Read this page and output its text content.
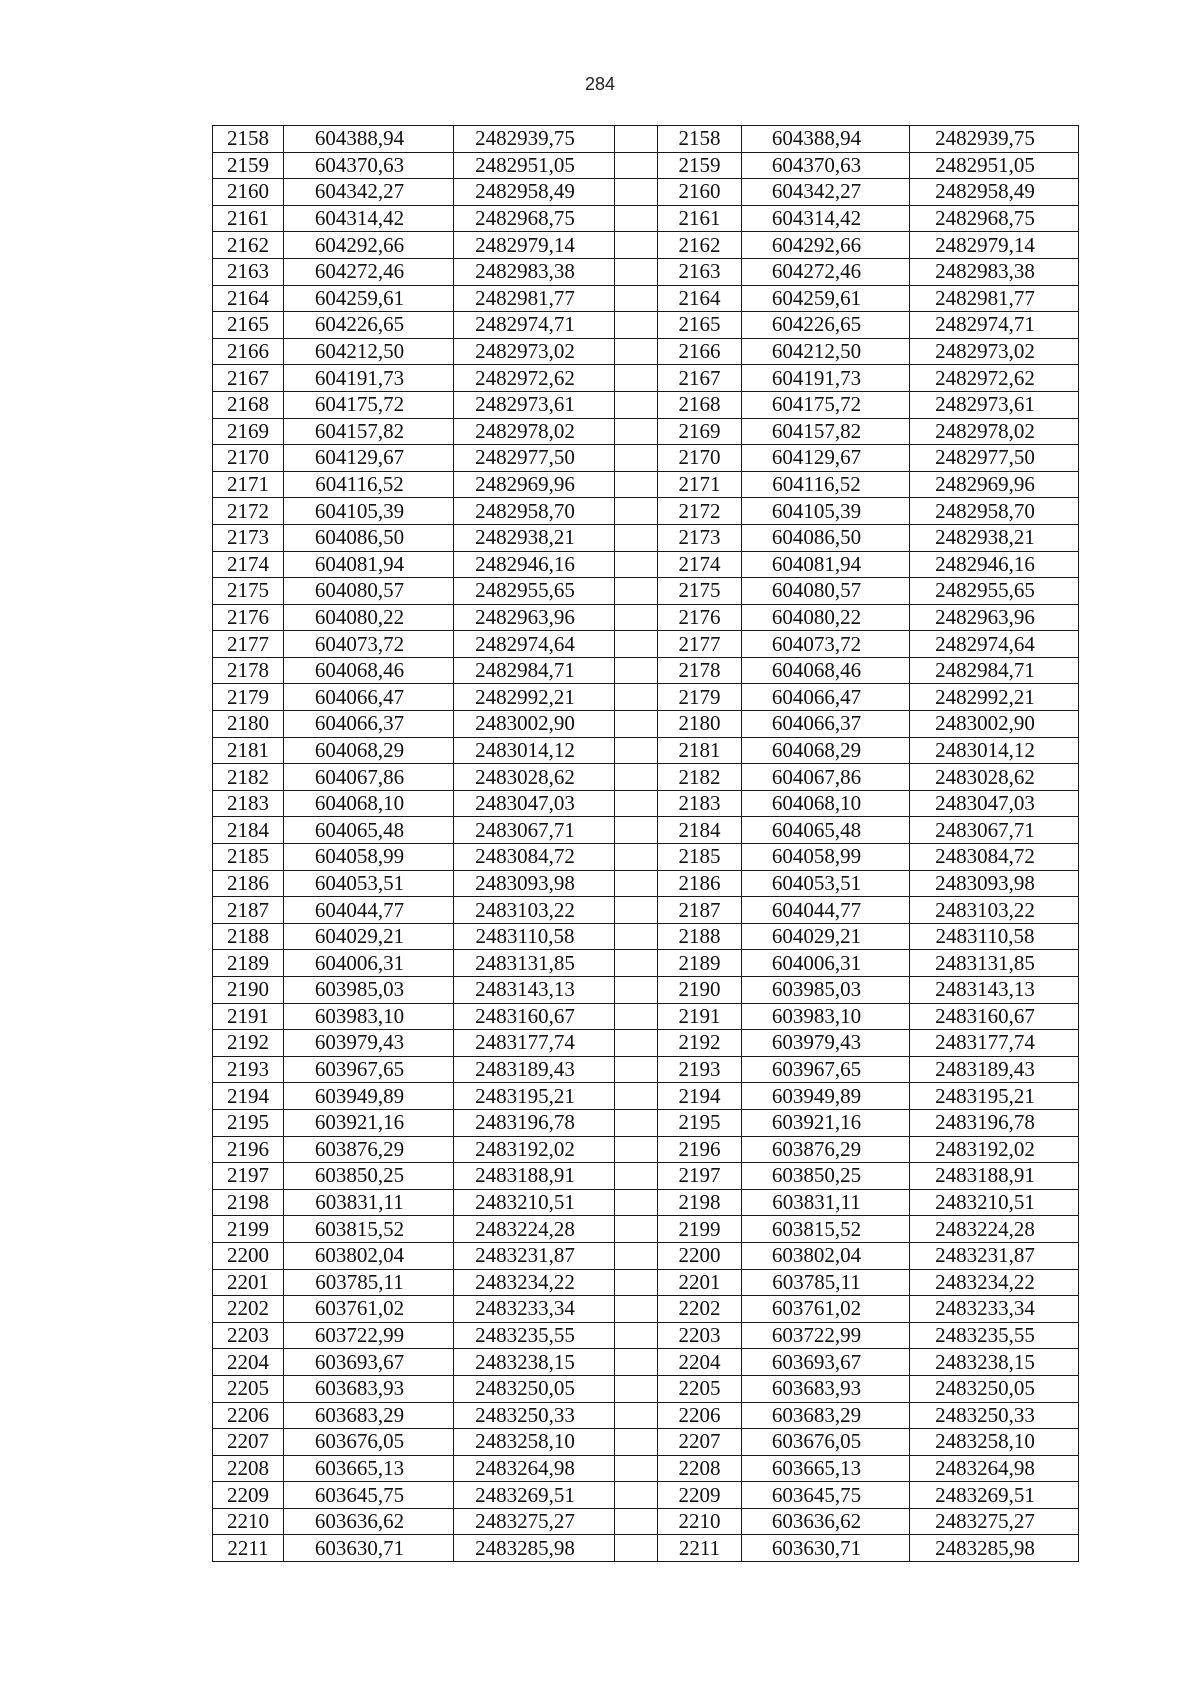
284
2158	604388,94	2482939,75		2158	604388,94	2482939,75
2159	604370,63	2482951,05		2159	604370,63	2482951,05
2160	604342,27	2482958,49		2160	604342,27	2482958,49
2161	604314,42	2482968,75		2161	604314,42	2482968,75
2162	604292,66	2482979,14		2162	604292,66	2482979,14
2163	604272,46	2482983,38		2163	604272,46	2482983,38
2164	604259,61	2482981,77		2164	604259,61	2482981,77
2165	604226,65	2482974,71		2165	604226,65	2482974,71
2166	604212,50	2482973,02		2166	604212,50	2482973,02
2167	604191,73	2482972,62		2167	604191,73	2482972,62
2168	604175,72	2482973,61		2168	604175,72	2482973,61
2169	604157,82	2482978,02		2169	604157,82	2482978,02
2170	604129,67	2482977,50		2170	604129,67	2482977,50
2171	604116,52	2482969,96		2171	604116,52	2482969,96
2172	604105,39	2482958,70		2172	604105,39	2482958,70
2173	604086,50	2482938,21		2173	604086,50	2482938,21
2174	604081,94	2482946,16		2174	604081,94	2482946,16
2175	604080,57	2482955,65		2175	604080,57	2482955,65
2176	604080,22	2482963,96		2176	604080,22	2482963,96
2177	604073,72	2482974,64		2177	604073,72	2482974,64
2178	604068,46	2482984,71		2178	604068,46	2482984,71
2179	604066,47	2482992,21		2179	604066,47	2482992,21
2180	604066,37	2483002,90		2180	604066,37	2483002,90
2181	604068,29	2483014,12		2181	604068,29	2483014,12
2182	604067,86	2483028,62		2182	604067,86	2483028,62
2183	604068,10	2483047,03		2183	604068,10	2483047,03
2184	604065,48	2483067,71		2184	604065,48	2483067,71
2185	604058,99	2483084,72		2185	604058,99	2483084,72
2186	604053,51	2483093,98		2186	604053,51	2483093,98
2187	604044,77	2483103,22		2187	604044,77	2483103,22
2188	604029,21	2483110,58		2188	604029,21	2483110,58
2189	604006,31	2483131,85		2189	604006,31	2483131,85
2190	603985,03	2483143,13		2190	603985,03	2483143,13
2191	603983,10	2483160,67		2191	603983,10	2483160,67
2192	603979,43	2483177,74		2192	603979,43	2483177,74
2193	603967,65	2483189,43		2193	603967,65	2483189,43
2194	603949,89	2483195,21		2194	603949,89	2483195,21
2195	603921,16	2483196,78		2195	603921,16	2483196,78
2196	603876,29	2483192,02		2196	603876,29	2483192,02
2197	603850,25	2483188,91		2197	603850,25	2483188,91
2198	603831,11	2483210,51		2198	603831,11	2483210,51
2199	603815,52	2483224,28		2199	603815,52	2483224,28
2200	603802,04	2483231,87		2200	603802,04	2483231,87
2201	603785,11	2483234,22		2201	603785,11	2483234,22
2202	603761,02	2483233,34		2202	603761,02	2483233,34
2203	603722,99	2483235,55		2203	603722,99	2483235,55
2204	603693,67	2483238,15		2204	603693,67	2483238,15
2205	603683,93	2483250,05		2205	603683,93	2483250,05
2206	603683,29	2483250,33		2206	603683,29	2483250,33
2207	603676,05	2483258,10		2207	603676,05	2483258,10
2208	603665,13	2483264,98		2208	603665,13	2483264,98
2209	603645,75	2483269,51		2209	603645,75	2483269,51
2210	603636,62	2483275,27		2210	603636,62	2483275,27
2211	603630,71	2483285,98		2211	603630,71	2483285,98
